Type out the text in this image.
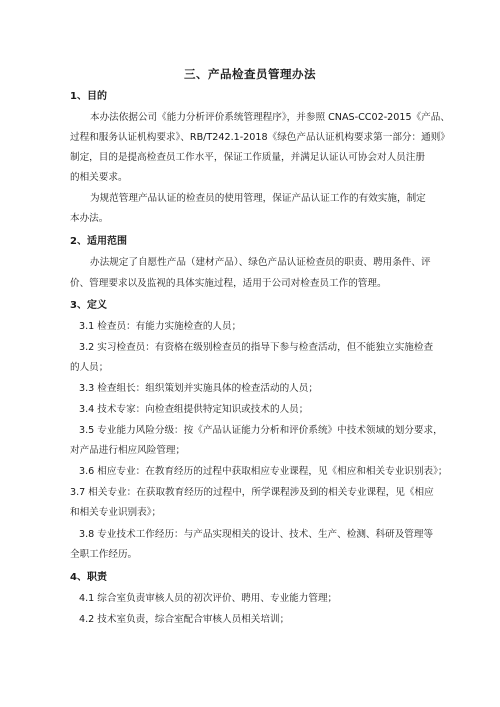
三、产品检查员管理办法
1、目的
本办法依据公司《能力分析评价系统管理程序》，并参照 CNAS-CC02-2015《产品、
过程和服务认证机构要求》、RB/T242.1-2018《绿色产品认证机构要求第一部分：通则》
制定，目的是提高检查员工作水平，保证工作质量，并满足认证认可协会对人员注册
的相关要求。
为规范管理产品认证的检查员的使用管理，保证产品认证工作的有效实施，制定
本办法。
2、适用范围
办法规定了自愿性产品（建材产品）、绿色产品认证检查员的职责、聘用条件、评
价、管理要求以及监视的具体实施过程，适用于公司对检查员工作的管理。
3、定义
3.1 检查员：有能力实施检查的人员；
3.2 实习检查员：有资格在级别检查员的指导下参与检查活动，但不能独立实施检查
的人员；
3.3 检查组长：组织策划并实施具体的检查活动的人员；
3.4 技术专家：向检查组提供特定知识或技术的人员；
3.5 专业能力风险分级：按《产品认证能力分析和评价系统》中技术领域的划分要求，
对产品进行相应风险管理；
3.6 相应专业：在教育经历的过程中获取相应专业课程，见《相应和相关专业识别表》；
3.7 相关专业：在获取教育经历的过程中，所学课程涉及到的相关专业课程，见《相应
和相关专业识别表》；
3.8 专业技术工作经历：与产品实现相关的设计、技术、生产、检测、科研及管理等
全职工作经历。
4、职责
4.1 综合室负责审核人员的初次评价、聘用、专业能力管理；
4.2 技术室负责，综合室配合审核人员相关培训；
